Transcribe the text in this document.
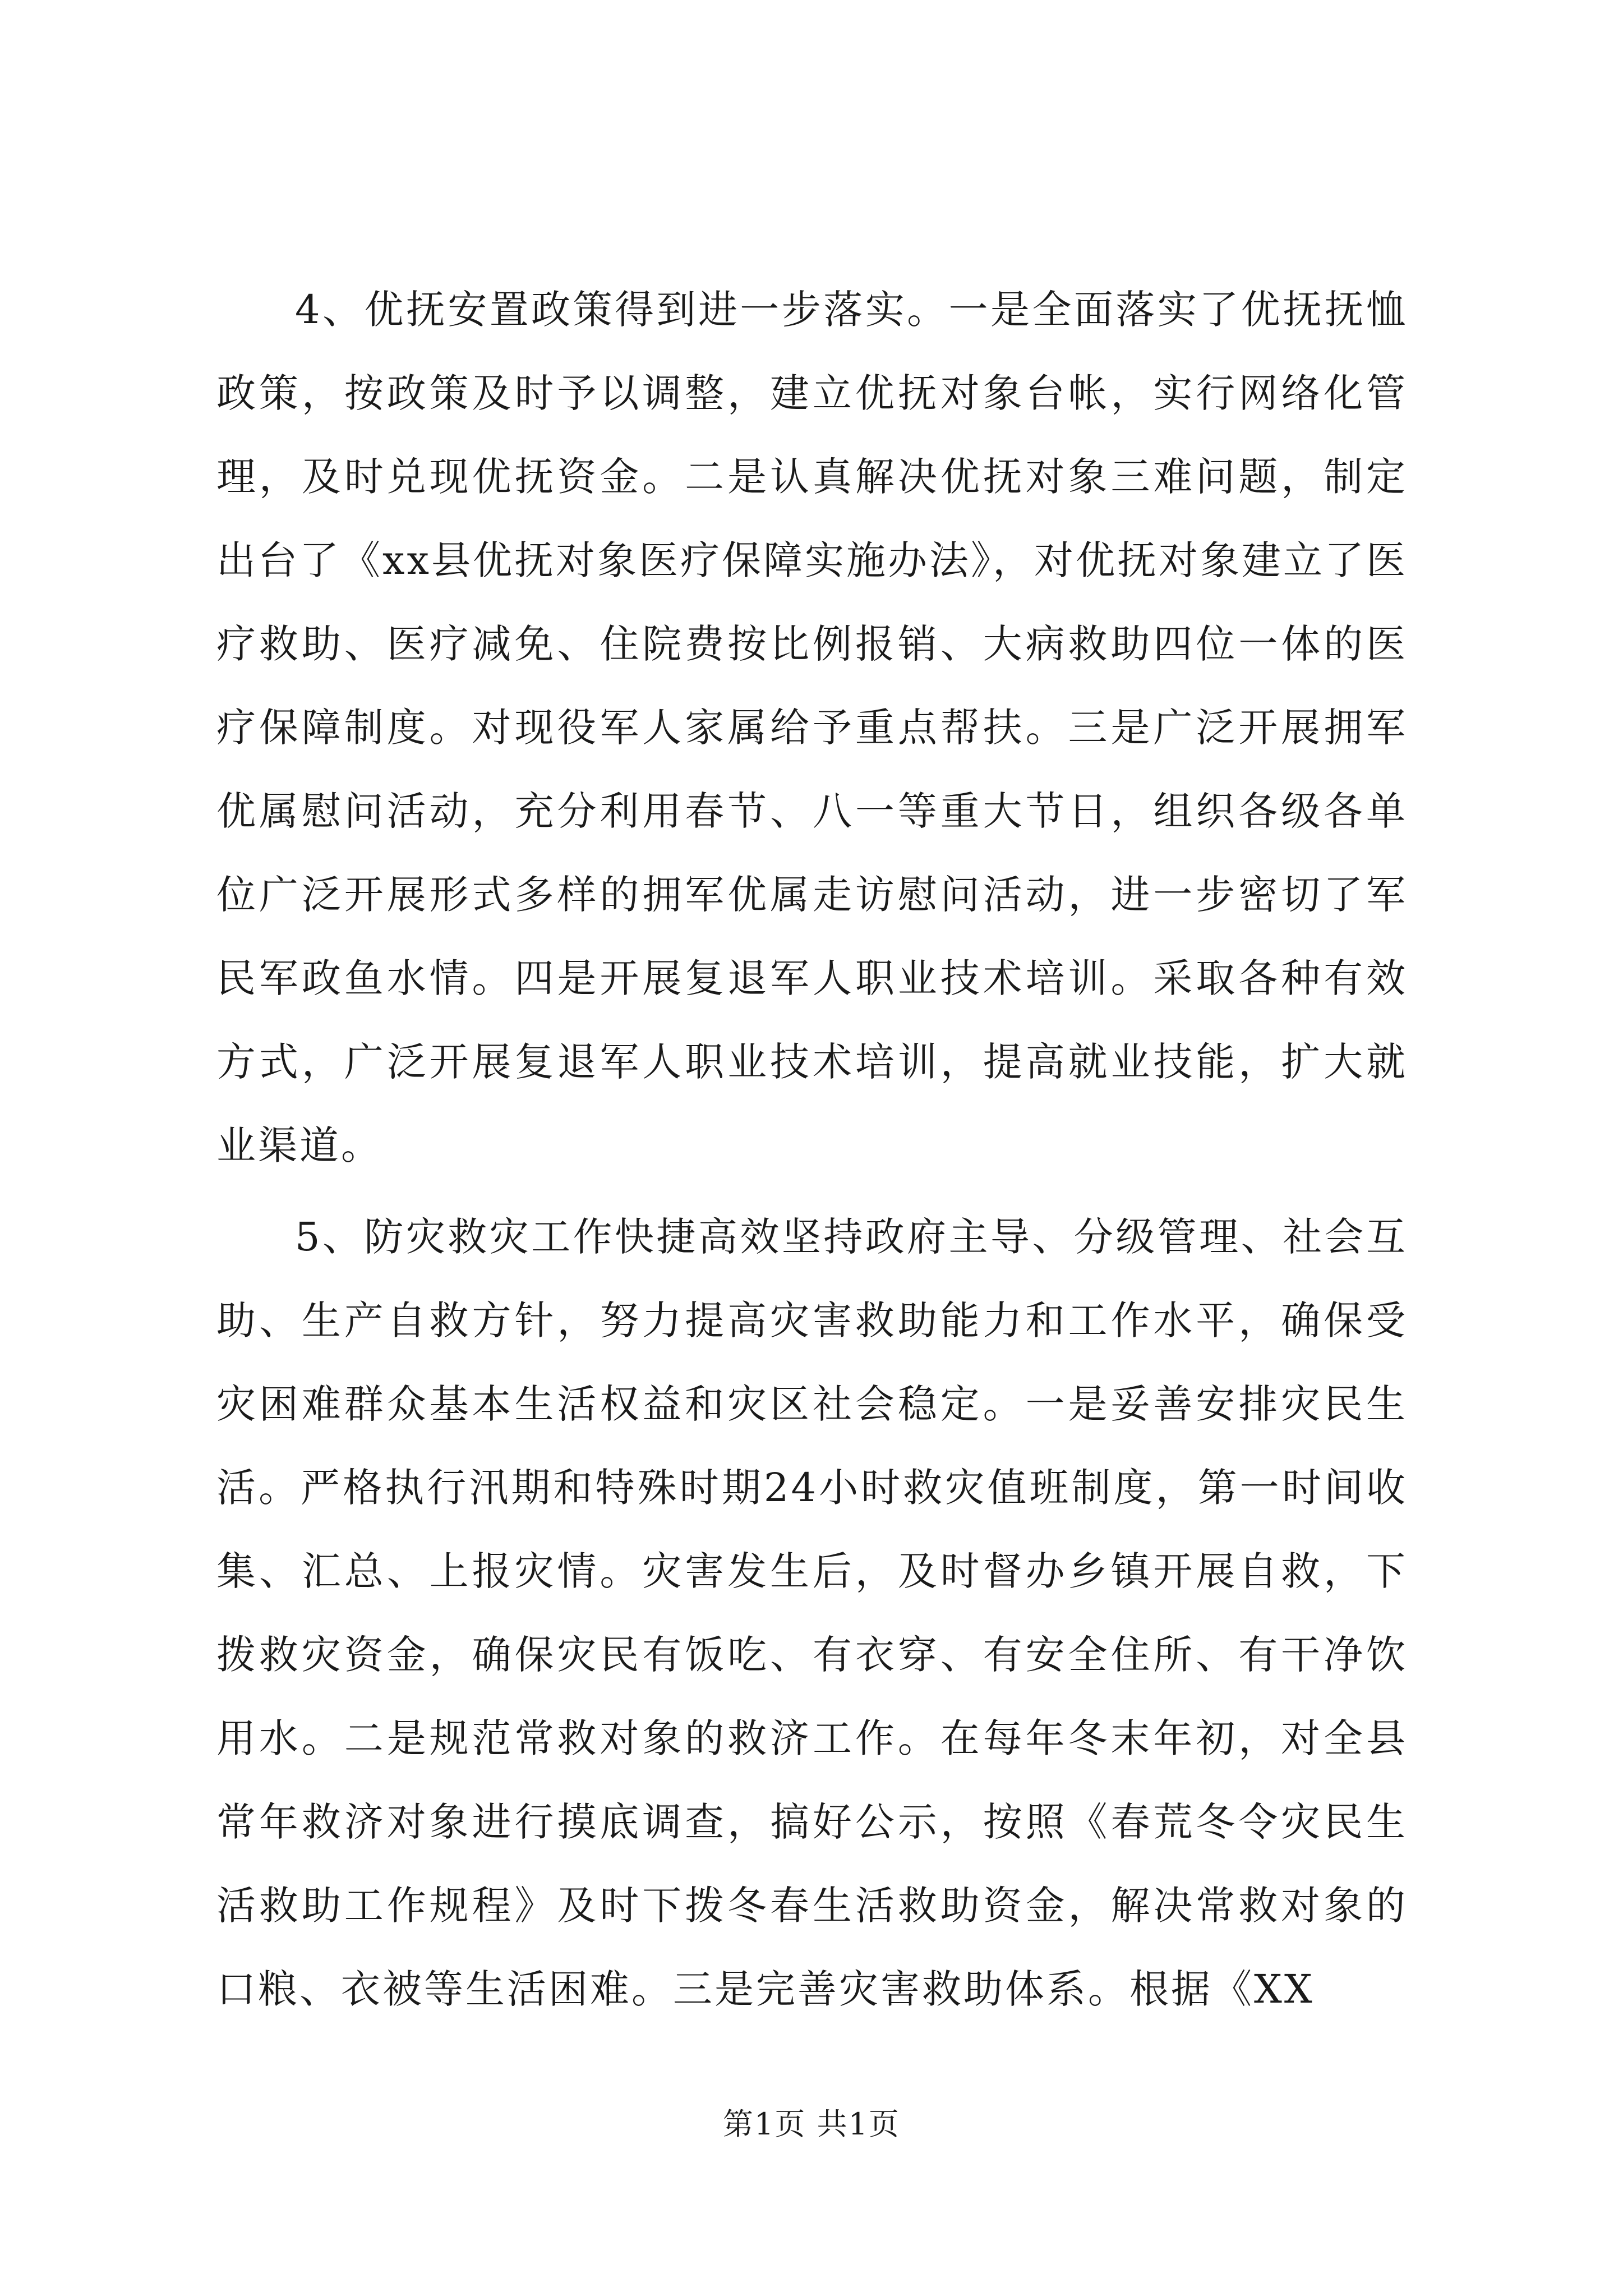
4、优抚安置政策得到进一步落实。一是全面落实了优抚抚恤政策，按政策及时予以调整，建立优抚对象台帐，实行网络化管理，及时兑现优抚资金。二是认真解决优抚对象三难问题，制定出台了《xx县优抚对象医疗保障实施办法》，对优抚对象建立了医疗救助、医疗减免、住院费按比例报销、大病救助四位一体的医疗保障制度。对现役军人家属给予重点帮扶。三是广泛开展拥军优属慰问活动，充分利用春节、八一等重大节日，组织各级各单位广泛开展形式多样的拥军优属走访慰问活动，进一步密切了军民军政鱼水情。四是开展复退军人职业技术培训。采取各种有效方式，广泛开展复退军人职业技术培训，提高就业技能，扩大就业渠道。

5、防灾救灾工作快捷高效坚持政府主导、分级管理、社会互助、生产自救方针，努力提高灾害救助能力和工作水平，确保受灾困难群众基本生活权益和灾区社会稳定。一是妥善安排灾民生活。严格执行汛期和特殊时期24小时救灾值班制度，第一时间收集、汇总、上报灾情。灾害发生后，及时督办乡镇开展自救，下拨救灾资金，确保灾民有饭吃、有衣穿、有安全住所、有干净饮用水。二是规范常救对象的救济工作。在每年冬末年初，对全县常年救济对象进行摸底调查，搞好公示，按照《春荒冬令灾民生活救助工作规程》及时下拨冬春生活救助资金，解决常救对象的口粮、衣被等生活困难。三是完善灾害救助体系。根据《XX

第1页 共1页
